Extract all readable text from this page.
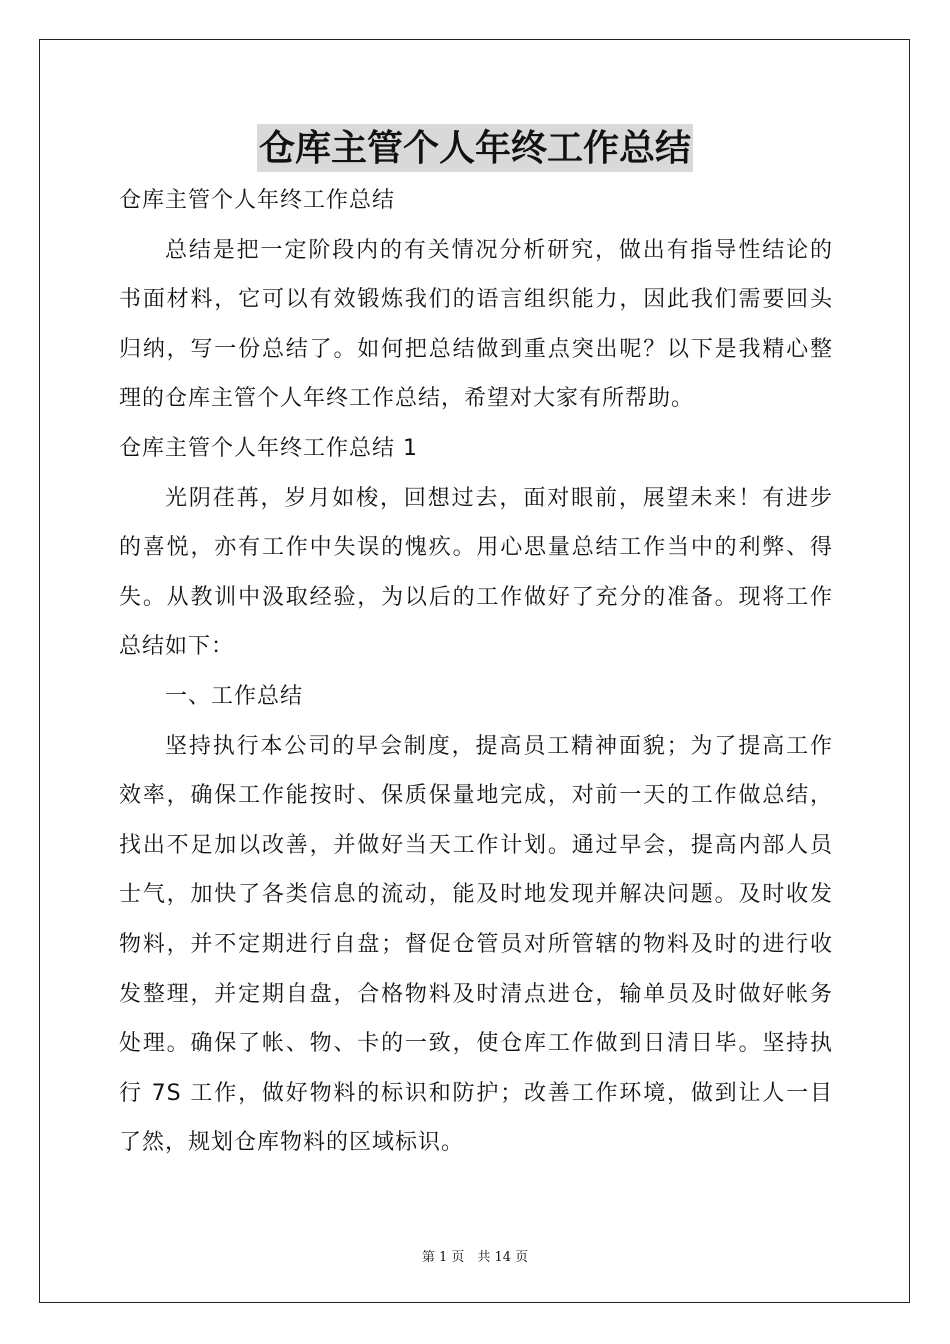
仓库主管个人年终工作总结

仓库主管个人年终工作总结

总结是把一定阶段内的有关情况分析研究，做出有指导性结论的

书面材料，它可以有效锻炼我们的语言组织能力，因此我们需要回头

归纳，写一份总结了。如何把总结做到重点突出呢？以下是我精心整

理的仓库主管个人年终工作总结，希望对大家有所帮助。

仓库主管个人年终工作总结 1

光阴荏苒，岁月如梭，回想过去，面对眼前，展望未来！有进步

的喜悦，亦有工作中失误的愧疚。用心思量总结工作当中的利弊、得

失。从教训中汲取经验，为以后的工作做好了充分的准备。现将工作

总结如下：

一、工作总结

坚持执行本公司的早会制度，提高员工精神面貌；为了提高工作

效率，确保工作能按时、保质保量地完成，对前一天的工作做总结，

找出不足加以改善，并做好当天工作计划。通过早会，提高内部人员

士气，加快了各类信息的流动，能及时地发现并解决问题。及时收发

物料，并不定期进行自盘；督促仓管员对所管辖的物料及时的进行收

发整理，并定期自盘，合格物料及时清点进仓，输单员及时做好帐务

处理。确保了帐、物、卡的一致，使仓库工作做到日清日毕。坚持执

行 7S 工作，做好物料的标识和防护；改善工作环境，做到让人一目

了然，规划仓库物料的区域标识。

第 1 页　共 14 页
